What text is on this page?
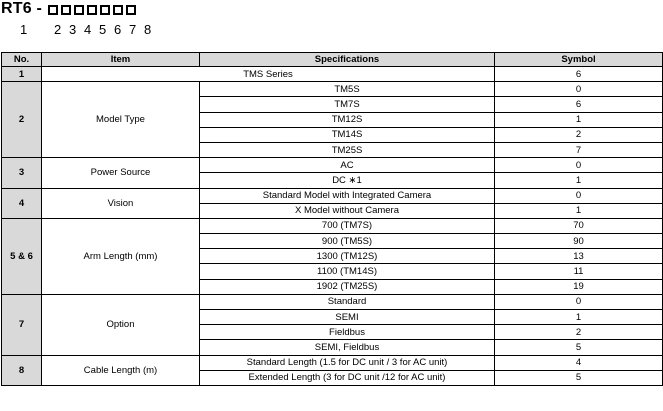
RT6 -
1 2 3 4 5 6 7 8
No.	Item	Specifications	Symbol
1	TMS Series		6
2	Model Type	TM5S	0
		TM7S	6
		TM12S	1
		TM14S	2
		TM25S	7
3	Power Source	AC	0
		DC ∗1	1
4	Vision	Standard Model with Integrated Camera	0
		X Model without Camera	1
5 & 6	Arm Length (mm)	700 (TM7S)	70
		900 (TM5S)	90
		1300 (TM12S)	13
		1100 (TM14S)	11
		1902 (TM25S)	19
7	Option	Standard	0
		SEMI	1
		Fieldbus	2
		SEMI, Fieldbus	5
8	Cable Length (m)	Standard Length (1.5 for DC unit / 3 for AC unit)	4
		Extended Length (3 for DC unit /12 for AC unit)	5
